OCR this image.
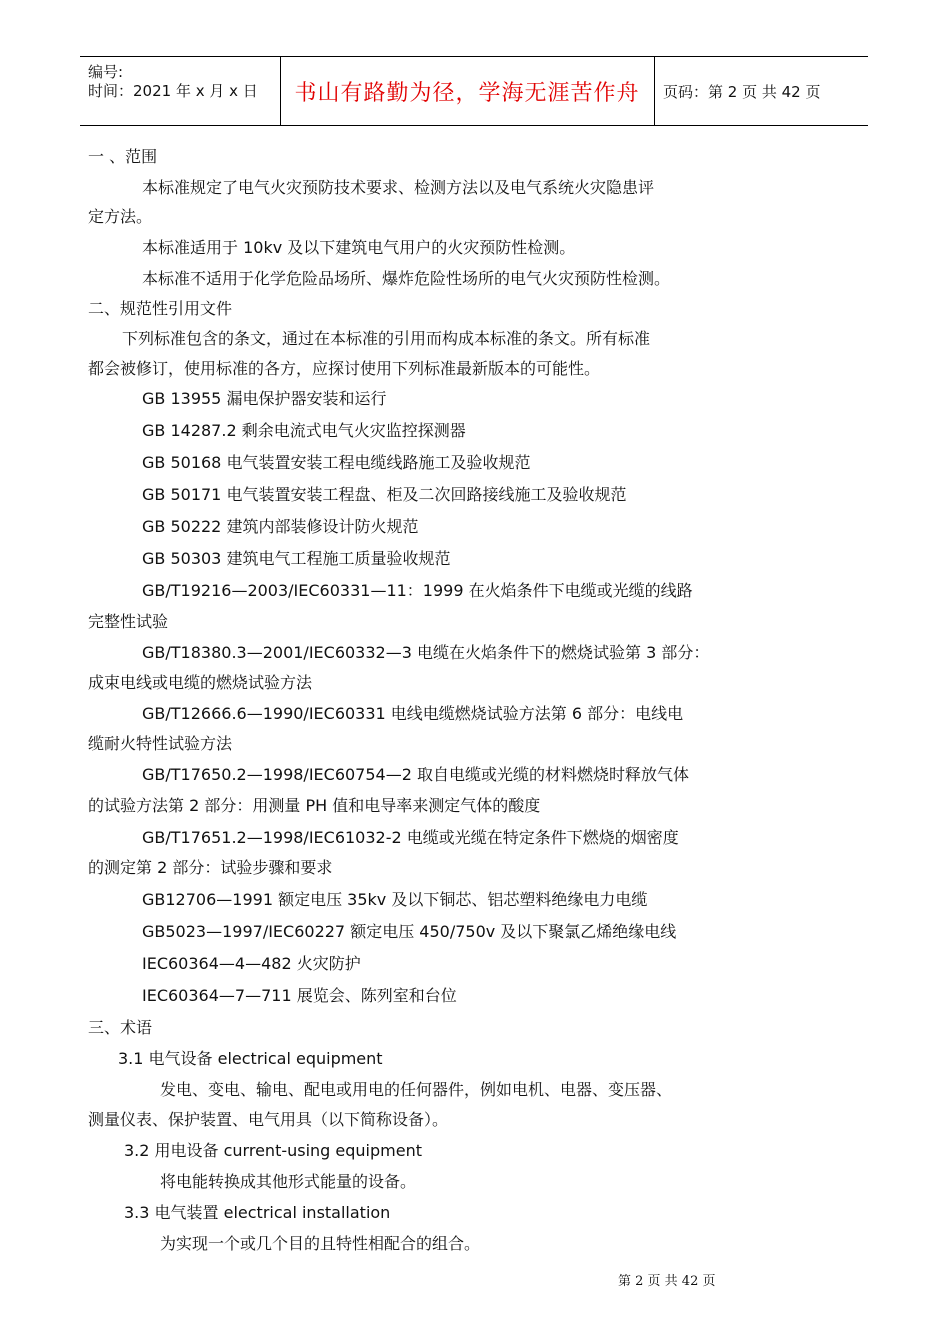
编号:
时间：2021 年 x 月 x 日 书山有路勤为径，学海无涯苦作舟 页码：第 2 页 共 42 页
一 、范围
本标准规定了电气火灾预防技术要求、检测方法以及电气系统火灾隐患评
定方法。
本标准适用于 10kv 及以下建筑电气用户的火灾预防性检测。
本标准不适用于化学危险品场所、爆炸危险性场所的电气火灾预防性检测。
二、规范性引用文件
下列标准包含的条文，通过在本标准的引用而构成本标准的条文。所有标准
都会被修订，使用标准的各方，应探讨使用下列标准最新版本的可能性。
GB 13955 漏电保护器安装和运行
GB 14287.2 剩余电流式电气火灾监控探测器
GB 50168 电气装置安装工程电缆线路施工及验收规范
GB 50171 电气装置安装工程盘、柜及二次回路接线施工及验收规范
GB 50222 建筑内部装修设计防火规范
GB 50303 建筑电气工程施工质量验收规范
GB/T19216—2003/IEC60331—11：1999 在火焰条件下电缆或光缆的线路
完整性试验
GB/T18380.3—2001/IEC60332—3 电缆在火焰条件下的燃烧试验第 3 部分：
成束电线或电缆的燃烧试验方法
GB/T12666.6—1990/IEC60331 电线电缆燃烧试验方法第 6 部分：电线电
缆耐火特性试验方法
GB/T17650.2—1998/IEC60754—2 取自电缆或光缆的材料燃烧时释放气体
的试验方法第 2 部分：用测量 PH 值和电导率来测定气体的酸度
GB/T17651.2—1998/IEC61032-2 电缆或光缆在特定条件下燃烧的烟密度
的测定第 2 部分：试验步骤和要求
GB12706—1991 额定电压 35kv 及以下铜芯、铝芯塑料绝缘电力电缆
GB5023—1997/IEC60227 额定电压 450/750v 及以下聚氯乙烯绝缘电线
IEC60364—4—482 火灾防护
IEC60364—7—711 展览会、陈列室和台位
三、术语
3.1 电气设备 electrical equipment
发电、变电、输电、配电或用电的任何器件，例如电机、电器、变压器、
测量仪表、保护装置、电气用具（以下简称设备）。
3.2 用电设备 current-using equipment
将电能转换成其他形式能量的设备。
3.3 电气装置 electrical installation
为实现一个或几个目的且特性相配合的组合。
第 2 页 共 42 页
